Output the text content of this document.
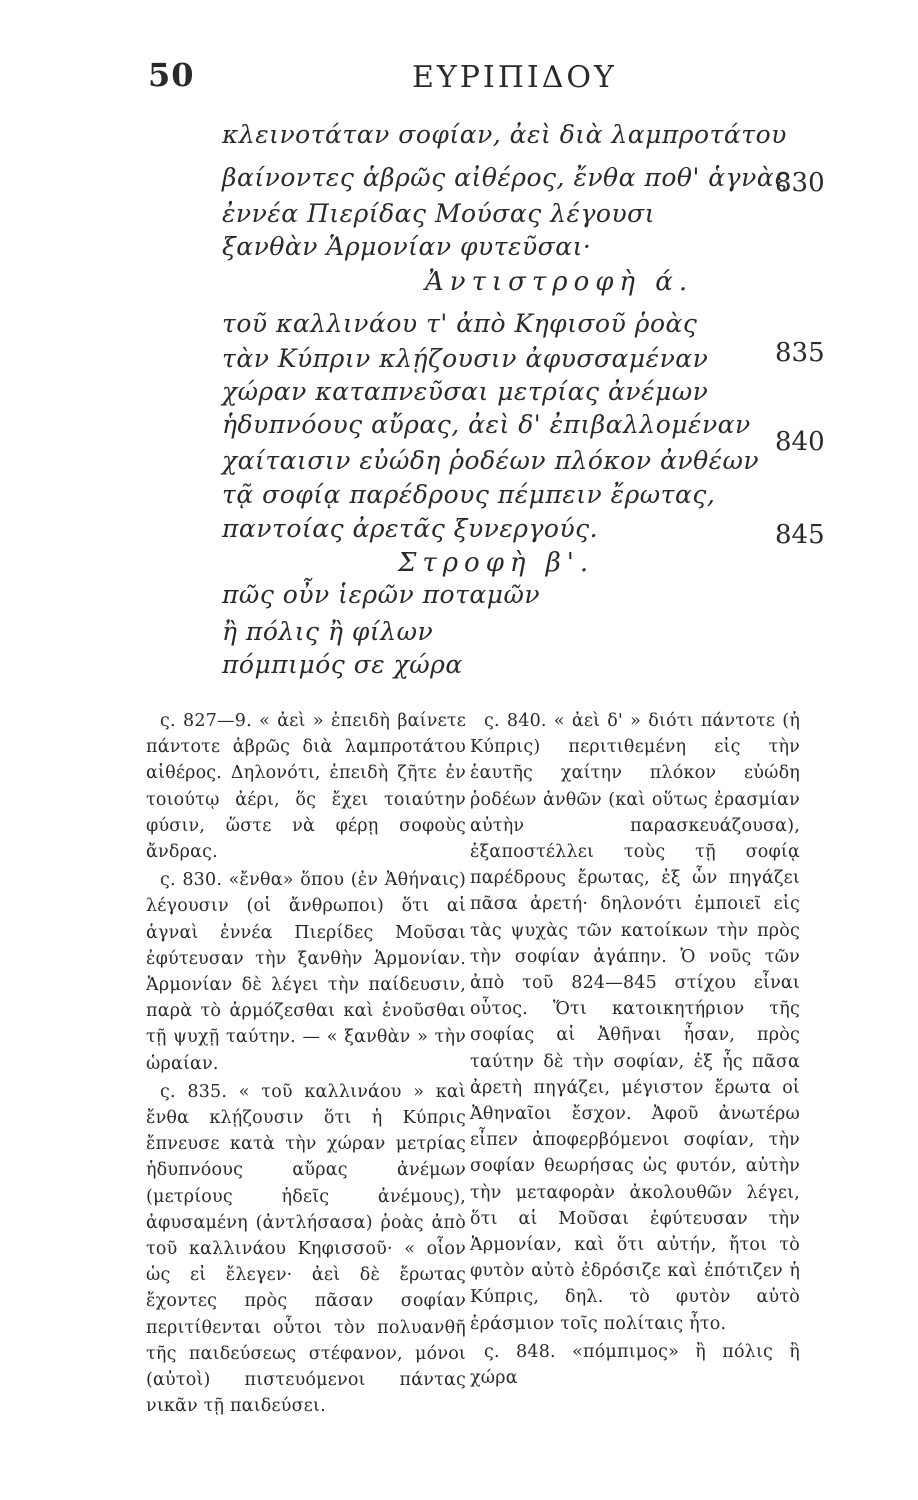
50	ΕΥΡΙΠΙΔΟΥ
κλεινοτάταν σοφίαν, ἀεὶ διὰ λαμπροτάτου
βαίνοντες ἁβρῶς αἰθέρος, ἔνθα ποθ' ἁγνὰς
ἐννέα Πιερίδας Μούσας λέγουσι
ξανθὰν Ἁρμονίαν φυτεῦσαι·
Ἀντιστροφὴ ά.
τοῦ καλλινάου τ' ἀπὸ Κηφισοῦ ῥοὰς
τὰν Κύπριν κλῄζουσιν ἀφυσσαμέναν
χώραν καταπνεῦσαι μετρίας ἀνέμων
ἡδυπνόους αὔρας, ἀεὶ δ' ἐπιβαλλομέναν
χαίταισιν εὐώδη ῥοδέων πλόκον ἀνθέων
τᾷ σοφίᾳ παρέδρους πέμπειν ἔρωτας,
παντοίας ἀρετᾶς ξυνεργούς.
Στροφὴ β'.
πῶς οὖν ἱερῶν ποταμῶν
ἢ πόλις ἢ φίλων
πόμπιμός σε χώρα
830
835
840
845

ς. 827—9. « ἀεὶ » ἐπειδὴ βαίνετε πάντοτε ἁβρῶς διὰ λαμπροτάτου αἰθέρος. Δηλονότι, ἐπειδὴ ζῆτε ἐν τοιούτῳ ἀέρι, ὅς ἔχει τοιαύτην φύσιν, ὥστε νὰ φέρῃ σοφοὺς ἄνδρας.

ς. 830. «ἔνθα» ὅπου (ἐν Ἀθήναις) λέγουσιν (οἱ ἄνθρωποι) ὅτι αἱ ἁγναὶ ἐννέα Πιερίδες Μοῦσαι ἐφύτευσαν τὴν ξανθὴν Ἁρμονίαν. Ἁρμονίαν δὲ λέγει τὴν παίδευσιν, παρὰ τὸ ἁρμόζεσθαι καὶ ἑνοῦσθαι τῇ ψυχῇ ταύτην. — « ξανθὰν » τὴν ὡραίαν.

ς. 835. « τοῦ καλλινάου » καὶ ἔνθα κλῄζουσιν ὅτι ἡ Κύπρις ἔπνευσε κατὰ τὴν χώραν μετρίας ἡδυπνόους αὔρας ἀνέμων (μετρίους ἡδεῖς ἀνέμους), ἀφυσαμένη (ἀντλήσασα) ῥοὰς ἀπὸ τοῦ καλλινάου Κηφισσοῦ· « οἷον ὡς εἰ ἔλεγεν· ἀεὶ δὲ ἔρωτας ἔχοντες πρὸς πᾶσαν σοφίαν περιτίθενται οὗτοι τὸν πολυανθῆ τῆς παιδεύσεως στέφανον, μόνοι (αὐτοὶ) πιστευόμενοι πάντας νικᾶν τῇ παιδεύσει.

ς. 840. « ἀεὶ δ' » διότι πάντοτε (ἡ Κύπρις) περιτιθεμένη εἰς τὴν ἑαυτῆς χαίτην πλόκον εὐώδη ῥοδέων ἀνθῶν (καὶ οὕτως ἐρασμίαν αὐτὴν παρασκευάζουσα), ἐξαποστέλλει τοὺς τῇ σοφίᾳ παρέδρους ἔρωτας, ἐξ ὧν πηγάζει πᾶσα ἀρετή· δηλονότι ἐμποιεῖ εἰς τὰς ψυχὰς τῶν κατοίκων τὴν πρὸς τὴν σοφίαν ἀγάπην. Ὁ νοῦς τῶν ἀπὸ τοῦ 824—845 στίχου εἶναι οὗτος. Ὅτι κατοικητήριον τῆς σοφίας αἱ Ἀθῆναι ἦσαν, πρὸς ταύτην δὲ τὴν σοφίαν, ἐξ ἧς πᾶσα ἀρετὴ πηγάζει, μέγιστον ἔρωτα οἱ Ἀθηναῖοι ἔσχον. Ἀφοῦ ἀνωτέρω εἶπεν ἀποφερβόμενοι σοφίαν, τὴν σοφίαν θεωρήσας ὡς φυτόν, αὐτὴν τὴν μεταφορὰν ἀκολουθῶν λέγει, ὅτι αἱ Μοῦσαι ἐφύτευσαν τὴν Ἁρμονίαν, καὶ ὅτι αὐτήν, ἤτοι τὸ φυτὸν αὐτὸ ἐδρόσιζε καὶ ἐπότιζεν ἡ Κύπρις, δηλ. τὸ φυτὸν αὐτὸ ἐράσμιον τοῖς πολίταις ἦτο.

ς. 848. «πόμπιμος» ἢ πόλις ἢ χώρα
